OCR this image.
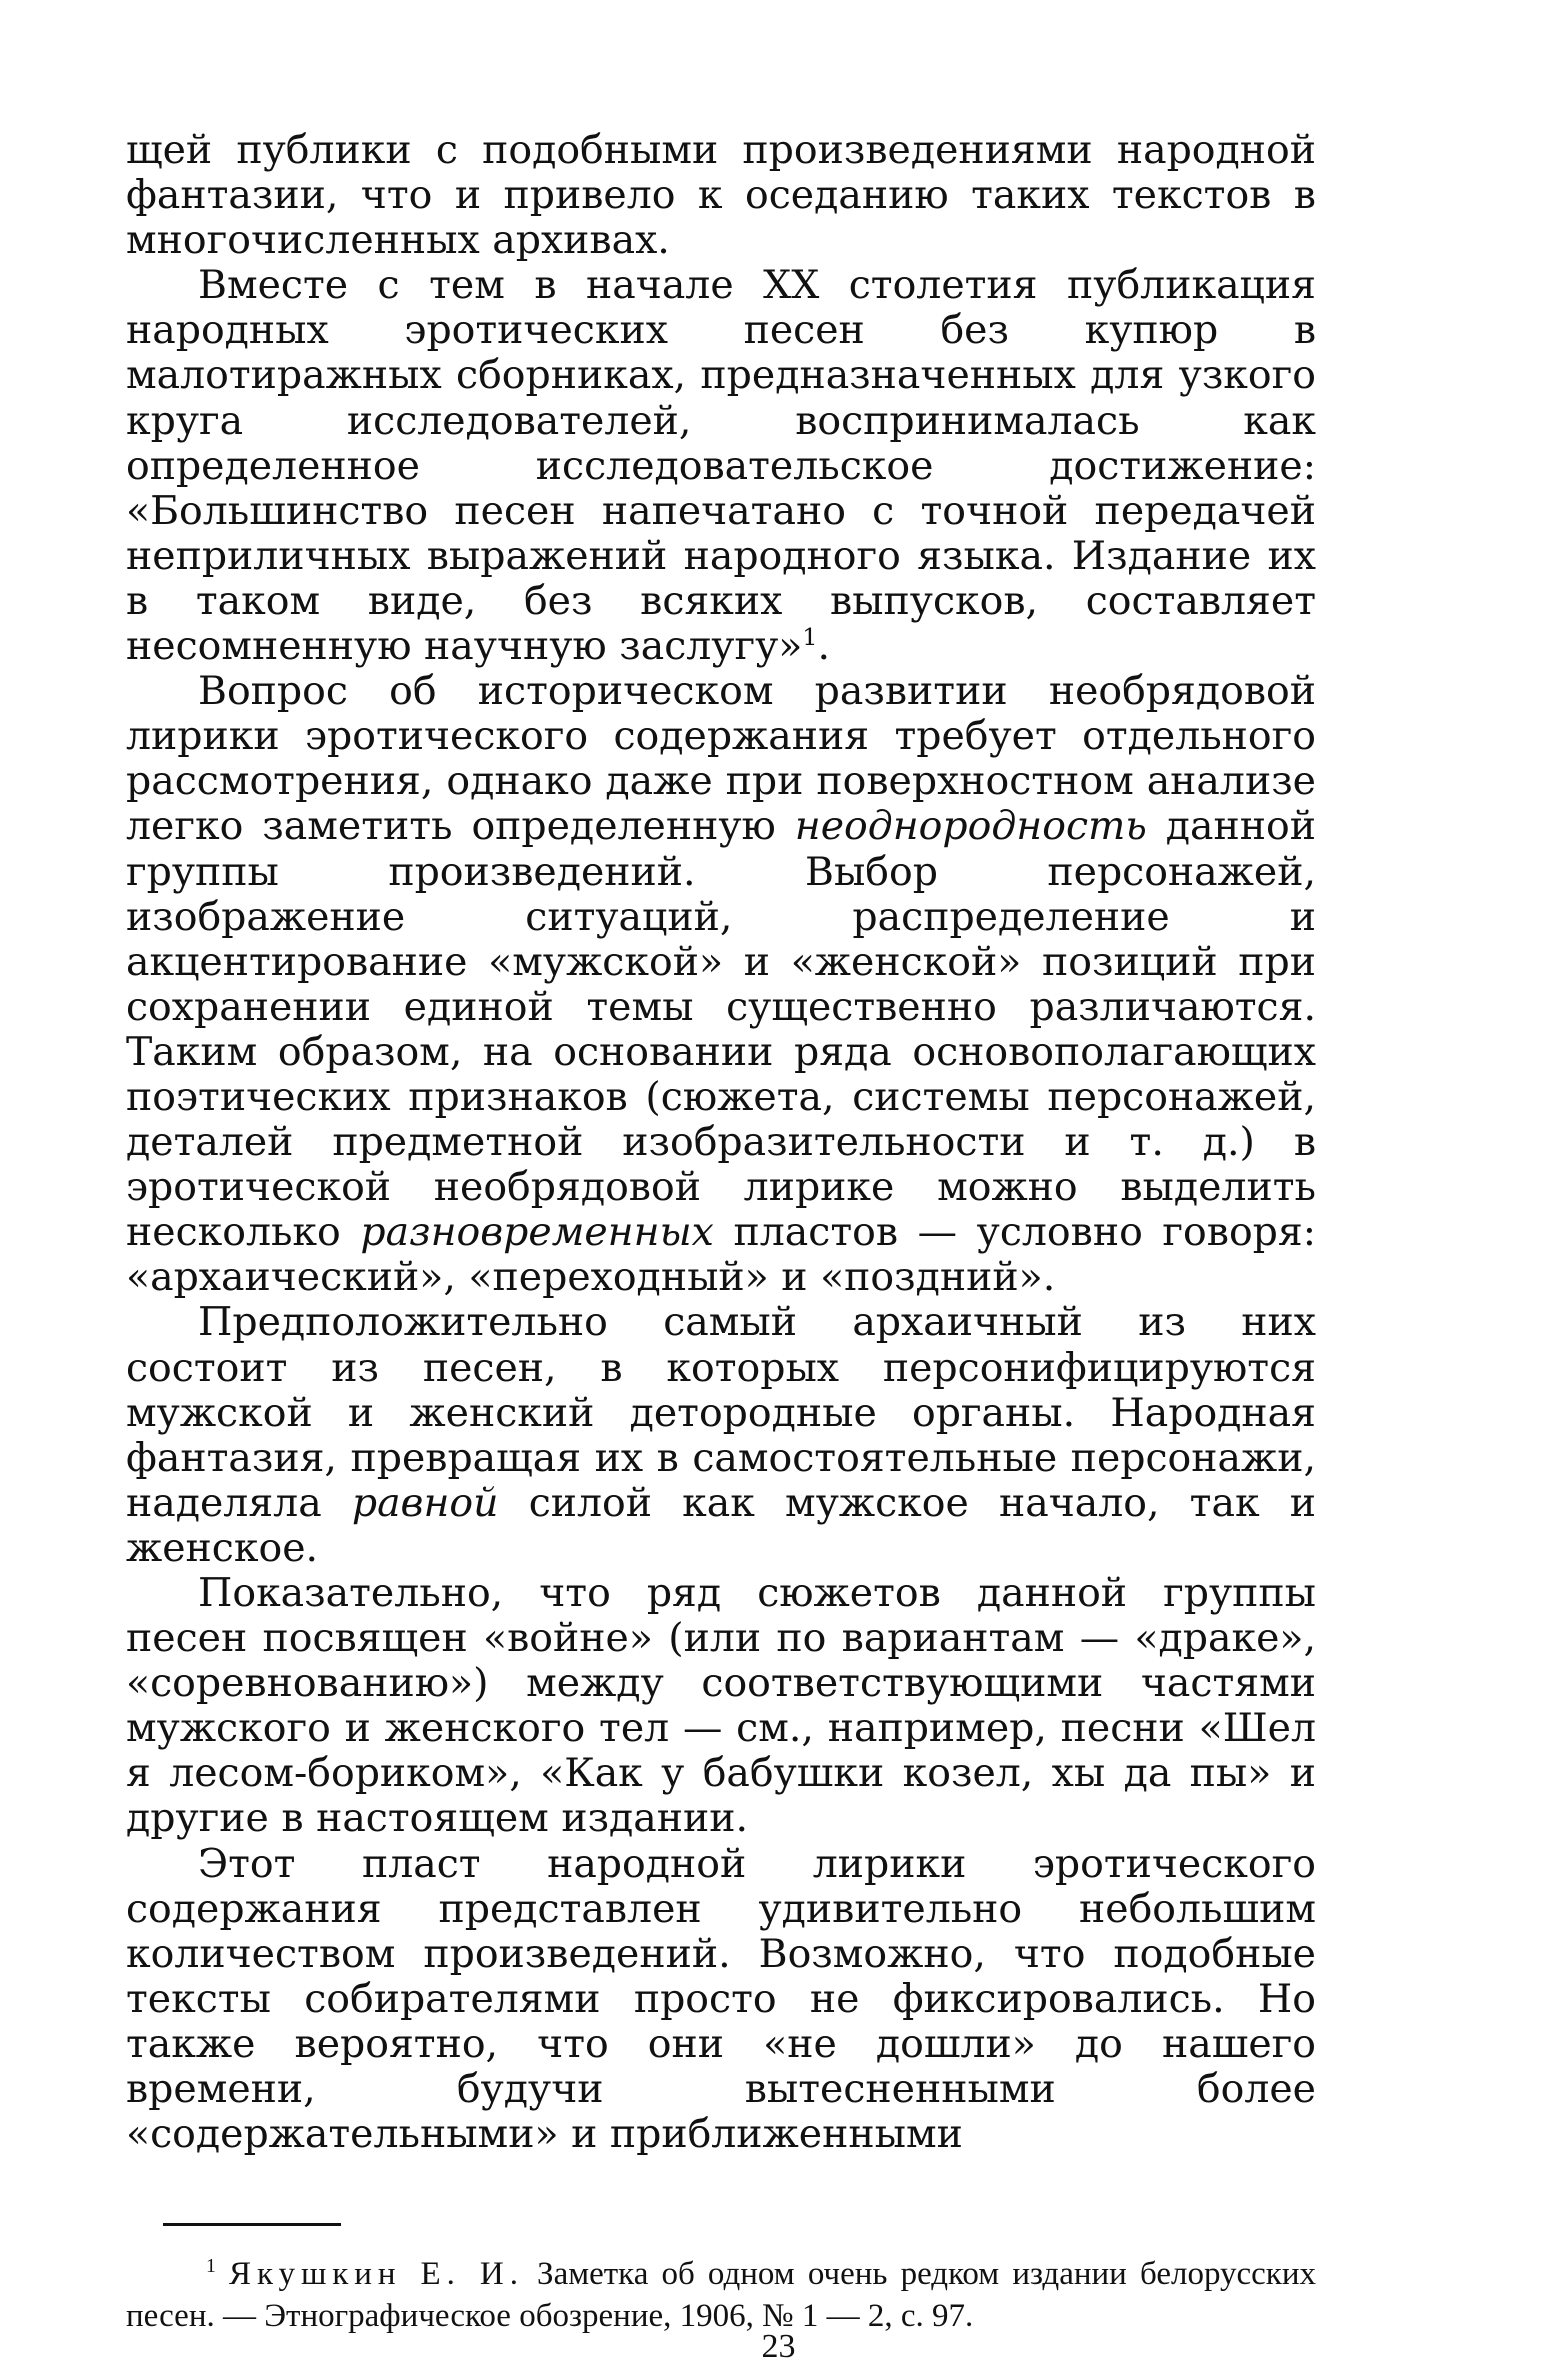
щей публики с подобными произведениями народной фантазии, что и привело к оседанию таких текстов в многочисленных архивах.

Вместе с тем в начале XX столетия публикация народных эротических песен без купюр в малотиражных сборниках, предназначенных для узкого круга исследователей, воспринималась как определенное исследовательское достижение: «Большинство песен напечатано с точной передачей неприличных выражений народного языка. Издание их в таком виде, без всяких выпусков, составляет несомненную научную заслугу»$^1$.

Вопрос об историческом развитии необрядовой лирики эротического содержания требует отдельного рассмотрения, однако даже при поверхностном анализе легко заметить определенную неоднородность данной группы произведений. Выбор персонажей, изображение ситуаций, распределение и акцентирование «мужской» и «женской» позиций при сохранении единой темы существенно различаются. Таким образом, на основании ряда основополагающих поэтических признаков (сюжета, системы персонажей, деталей предметной изобразительности и т. д.) в эротической необрядовой лирике можно выделить несколько разновременных пластов — условно говоря: «архаический», «переходный» и «поздний».

Предположительно самый архаичный из них состоит из песен, в которых персонифицируются мужской и женский детородные органы. Народная фантазия, превращая их в самостоятельные персонажи, наделяла равной силой как мужское начало, так и женское.

Показательно, что ряд сюжетов данной группы песен посвящен «войне» (или по вариантам — «драке», «соревнованию») между соответствующими частями мужского и женского тел — см., например, песни «Шел я лесом-бориком», «Как у бабушки козел, хы да пы» и другие в настоящем издании.

Этот пласт народной лирики эротического содержания представлен удивительно небольшим количеством произведений. Возможно, что подобные тексты собирателями просто не фиксировались. Но также вероятно, что они «не дошли» до нашего времени, будучи вытесненными более «содержательными» и приближенными

$^1$ Якушкин Е. И. Заметка об одном очень редком издании белорусских песен. — Этнографическое обозрение, 1906, № 1 — 2, с. 97.
23
